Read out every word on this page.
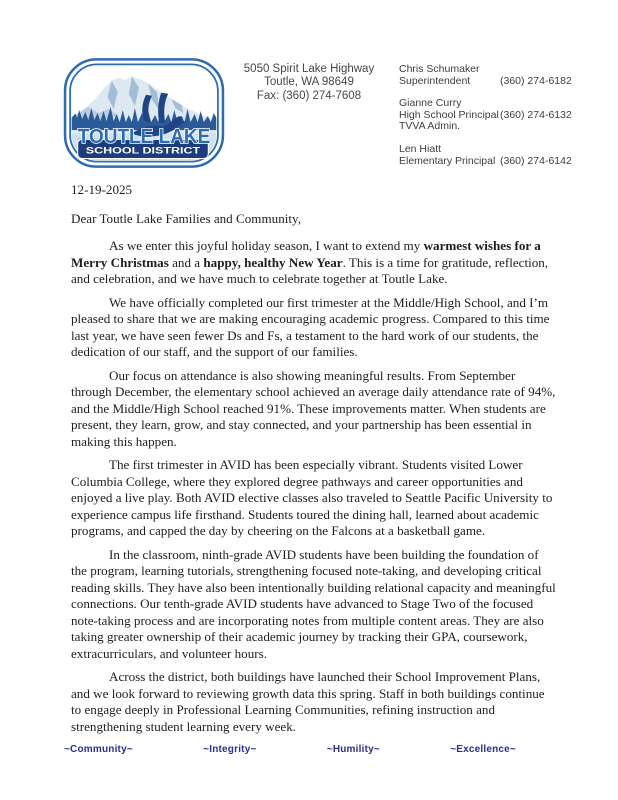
TOUTLE LAKE
SCHOOL DISTRICT
5050 Spirit Lake Highway
Toutle, WA 98649
Fax: (360) 274-7608
Chris Schumaker
Superintendent	(360) 274-6182
Gianne Curry
High School Principal (360) 274-6132
TVVA Admin.
Len Hiatt
Elementary Principal (360) 274-6142
12-19-2025
Dear Toutle Lake Families and Community,

As we enter this joyful holiday season, I want to extend my warmest wishes for a Merry Christmas and a happy, healthy New Year. This is a time for gratitude, reflection, and celebration, and we have much to celebrate together at Toutle Lake.

We have officially completed our first trimester at the Middle/High School, and I’m pleased to share that we are making encouraging academic progress. Compared to this time last year, we have seen fewer Ds and Fs, a testament to the hard work of our students, the dedication of our staff, and the support of our families.

Our focus on attendance is also showing meaningful results. From September through December, the elementary school achieved an average daily attendance rate of 94%, and the Middle/High School reached 91%. These improvements matter. When students are present, they learn, grow, and stay connected, and your partnership has been essential in making this happen.

The first trimester in AVID has been especially vibrant. Students visited Lower Columbia College, where they explored degree pathways and career opportunities and enjoyed a live play. Both AVID elective classes also traveled to Seattle Pacific University to experience campus life firsthand. Students toured the dining hall, learned about academic programs, and capped the day by cheering on the Falcons at a basketball game.

In the classroom, ninth-grade AVID students have been building the foundation of the program, learning tutorials, strengthening focused note-taking, and developing critical reading skills. They have also been intentionally building relational capacity and meaningful connections. Our tenth-grade AVID students have advanced to Stage Two of the focused note-taking process and are incorporating notes from multiple content areas. They are also taking greater ownership of their academic journey by tracking their GPA, coursework, extracurriculars, and volunteer hours.

Across the district, both buildings have launched their School Improvement Plans, and we look forward to reviewing growth data this spring. Staff in both buildings continue to engage deeply in Professional Learning Communities, refining instruction and strengthening student learning every week.

~Community~	~Integrity~	~Humility~	~Excellence~
